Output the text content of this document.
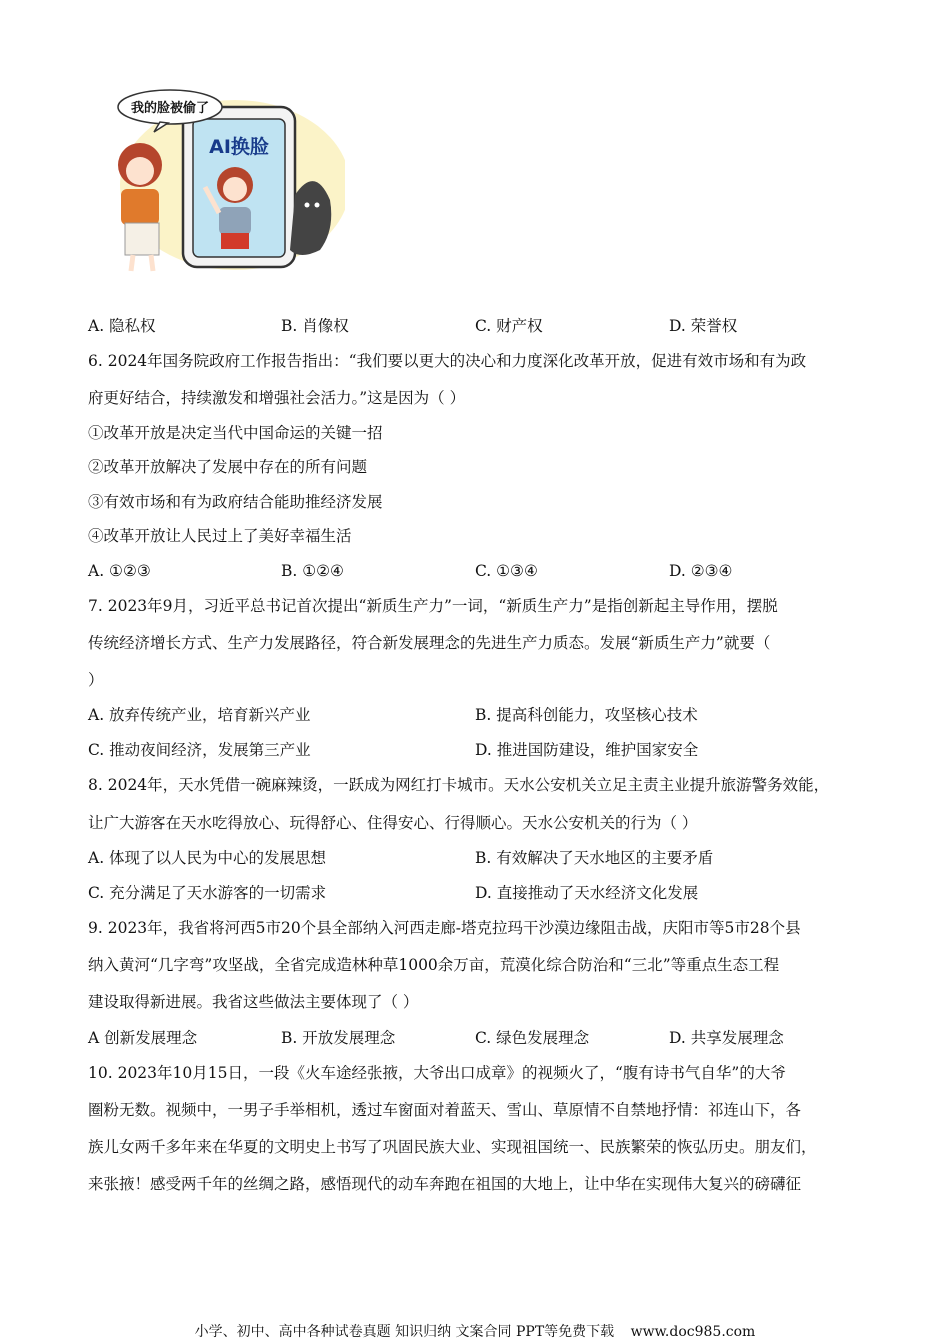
AI换脸
我的脸被偷了
A. 隐私权	B. 肖像权	C. 财产权	D. 荣誉权
6. 2024年国务院政府工作报告指出：“我们要以更大的决心和力度深化改革开放，促进有效市场和有为政
府更好结合，持续激发和增强社会活力。”这是因为（ ）
①改革开放是决定当代中国命运的关键一招
②改革开放解决了发展中存在的所有问题
③有效市场和有为政府结合能助推经济发展
④改革开放让人民过上了美好幸福生活
A. ①②③	B. ①②④	C. ①③④	D. ②③④
7. 2023年9月，习近平总书记首次提出“新质生产力”一词，“新质生产力”是指创新起主导作用，摆脱
传统经济增长方式、生产力发展路径，符合新发展理念的先进生产力质态。发展“新质生产力”就要（
）
A. 放弃传统产业，培育新兴产业	B. 提高科创能力，攻坚核心技术
C. 推动夜间经济，发展第三产业	D. 推进国防建设，维护国家安全
8. 2024年，天水凭借一碗麻辣烫，一跃成为网红打卡城市。天水公安机关立足主责主业提升旅游警务效能，
让广大游客在天水吃得放心、玩得舒心、住得安心、行得顺心。天水公安机关的行为（ ）
A. 体现了以人民为中心的发展思想	B. 有效解决了天水地区的主要矛盾
C. 充分满足了天水游客的一切需求	D. 直接推动了天水经济文化发展
9. 2023年，我省将河西5市20个县全部纳入河西走廊-塔克拉玛干沙漠边缘阻击战，庆阳市等5市28个县
纳入黄河“几字弯”攻坚战，全省完成造林种草1000余万亩，荒漠化综合防治和“三北”等重点生态工程
建设取得新进展。我省这些做法主要体现了（ ）
A 创新发展理念	B. 开放发展理念	C. 绿色发展理念	D. 共享发展理念
10. 2023年10月15日，一段《火车途经张掖，大爷出口成章》的视频火了，“腹有诗书气自华”的大爷
圈粉无数。视频中，一男子手举相机，透过车窗面对着蓝天、雪山、草原情不自禁地抒情：祁连山下，各
族儿女两千多年来在华夏的文明史上书写了巩固民族大业、实现祖国统一、民族繁荣的恢弘历史。朋友们，
来张掖！感受两千年的丝绸之路，感悟现代的动车奔跑在祖国的大地上，让中华在实现伟大复兴的磅礴征
小学、初中、高中各种试卷真题 知识归纳 文案合同 PPT等免费下载 www.doc985.com
